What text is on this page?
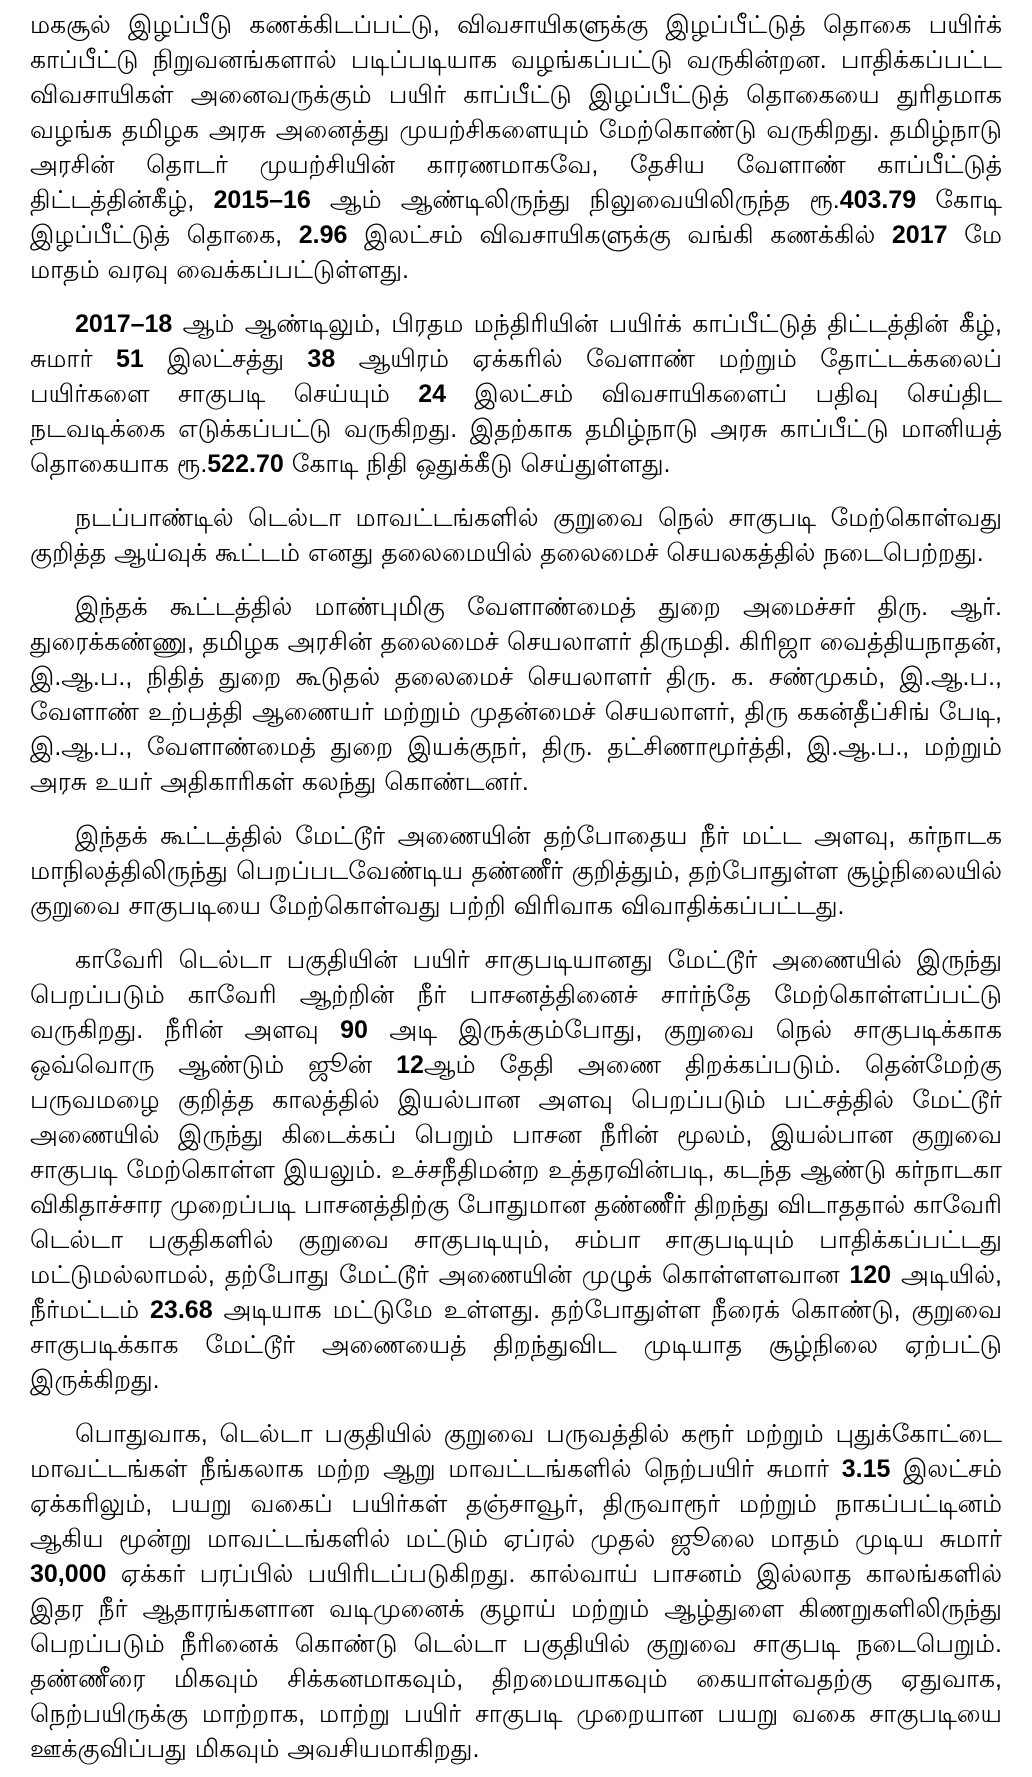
மகசூல் இழப்பீடு கணக்கிடப்பட்டு, விவசாயிகளுக்கு இழப்பீட்டுத் தொகை பயிர்க் காப்பீட்டு நிறுவனங்களால் படிப்படியாக வழங்கப்பட்டு வருகின்றன. பாதிக்கப்பட்ட விவசாயிகள் அனைவருக்கும் பயிர் காப்பீட்டு இழப்பீட்டுத் தொகையை துரிதமாக வழங்க தமிழக அரசு அனைத்து முயற்சிகளையும் மேற்கொண்டு வருகிறது. தமிழ்நாடு அரசின் தொடர் முயற்சியின் காரணமாகவே, தேசிய வேளாண் காப்பீட்டுத் திட்டத்தின்கீழ், 2015–16 ஆம் ஆண்டிலிருந்து நிலுவையிலிருந்த ரூ.403.79 கோடி இழப்பீட்டுத் தொகை, 2.96 இலட்சம் விவசாயிகளுக்கு வங்கி கணக்கில் 2017 மே மாதம் வரவு வைக்கப்பட்டுள்ளது.

2017–18 ஆம் ஆண்டிலும், பிரதம மந்திரியின் பயிர்க் காப்பீட்டுத் திட்டத்தின் கீழ், சுமார் 51 இலட்சத்து 38 ஆயிரம் ஏக்கரில் வேளாண் மற்றும் தோட்டக்கலைப் பயிர்களை சாகுபடி செய்யும் 24 இலட்சம் விவசாயிகளைப் பதிவு செய்திட நடவடிக்கை எடுக்கப்பட்டு வருகிறது. இதற்காக தமிழ்நாடு அரசு காப்பீட்டு மானியத் தொகையாக ரூ.522.70 கோடி நிதி ஒதுக்கீடு செய்துள்ளது.

நடப்பாண்டில் டெல்டா மாவட்டங்களில் குறுவை நெல் சாகுபடி மேற்கொள்வது குறித்த ஆய்வுக் கூட்டம் எனது தலைமையில் தலைமைச் செயலகத்தில் நடைபெற்றது.

இந்தக் கூட்டத்தில் மாண்புமிகு வேளாண்மைத் துறை அமைச்சர் திரு. ஆர். துரைக்கண்ணு, தமிழக அரசின் தலைமைச் செயலாளர் திருமதி. கிரிஜா வைத்தியநாதன், இ.ஆ.ப., நிதித் துறை கூடுதல் தலைமைச் செயலாளர் திரு. க. சண்முகம், இ.ஆ.ப., வேளாண் உற்பத்தி ஆணையர் மற்றும் முதன்மைச் செயலாளர், திரு ககன்தீப்சிங் பேடி, இ.ஆ.ப., வேளாண்மைத் துறை இயக்குநர், திரு. தட்சிணாமூர்த்தி, இ.ஆ.ப., மற்றும் அரசு உயர் அதிகாரிகள் கலந்து கொண்டனர்.

இந்தக் கூட்டத்தில் மேட்டூர் அணையின் தற்போதைய நீர் மட்ட அளவு, கர்நாடக மாநிலத்திலிருந்து பெறப்படவேண்டிய தண்ணீர் குறித்தும், தற்போதுள்ள சூழ்நிலையில் குறுவை சாகுபடியை மேற்கொள்வது பற்றி விரிவாக விவாதிக்கப்பட்டது.

காவேரி டெல்டா பகுதியின் பயிர் சாகுபடியானது மேட்டூர் அணையில் இருந்து பெறப்படும் காவேரி ஆற்றின் நீர் பாசனத்தினைச் சார்ந்தே மேற்கொள்ளப்பட்டு வருகிறது. நீரின் அளவு 90 அடி இருக்கும்போது, குறுவை நெல் சாகுபடிக்காக ஒவ்வொரு ஆண்டும் ஜூன் 12ஆம் தேதி அணை திறக்கப்படும். தென்மேற்கு பருவமழை குறித்த காலத்தில் இயல்பான அளவு பெறப்படும் பட்சத்தில் மேட்டூர் அணையில் இருந்து கிடைக்கப் பெறும் பாசன நீரின் மூலம், இயல்பான குறுவை சாகுபடி மேற்கொள்ள இயலும். உச்சநீதிமன்ற உத்தரவின்படி, கடந்த ஆண்டு கர்நாடகா விகிதாச்சார முறைப்படி பாசனத்திற்கு போதுமான தண்ணீர் திறந்து விடாததால் காவேரி டெல்டா பகுதிகளில் குறுவை சாகுபடியும், சம்பா சாகுபடியும் பாதிக்கப்பட்டது மட்டுமல்லாமல், தற்போது மேட்டூர் அணையின் முழுக் கொள்ளளவான 120 அடியில், நீர்மட்டம் 23.68 அடியாக மட்டுமே உள்ளது. தற்போதுள்ள நீரைக் கொண்டு, குறுவை சாகுபடிக்காக மேட்டூர் அணையைத் திறந்துவிட முடியாத சூழ்நிலை ஏற்பட்டு இருக்கிறது.

பொதுவாக, டெல்டா பகுதியில் குறுவை பருவத்தில் கரூர் மற்றும் புதுக்கோட்டை மாவட்டங்கள் நீங்கலாக மற்ற ஆறு மாவட்டங்களில் நெற்பயிர் சுமார் 3.15 இலட்சம் ஏக்கரிலும், பயறு வகைப் பயிர்கள் தஞ்சாவூர், திருவாரூர் மற்றும் நாகப்பட்டினம் ஆகிய மூன்று மாவட்டங்களில் மட்டும் ஏப்ரல் முதல் ஜூலை மாதம் முடிய சுமார் 30,000 ஏக்கர் பரப்பில் பயிரிடப்படுகிறது. கால்வாய் பாசனம் இல்லாத காலங்களில் இதர நீர் ஆதாரங்களான வடிமுனைக் குழாய் மற்றும் ஆழ்துளை கிணறுகளிலிருந்து பெறப்படும் நீரினைக் கொண்டு டெல்டா பகுதியில் குறுவை சாகுபடி நடைபெறும். தண்ணீரை மிகவும் சிக்கனமாகவும், திறமையாகவும் கையாள்வதற்கு ஏதுவாக, நெற்பயிருக்கு மாற்றாக, மாற்று பயிர் சாகுபடி முறையான பயறு வகை சாகுபடியை ஊக்குவிப்பது மிகவும் அவசியமாகிறது.
